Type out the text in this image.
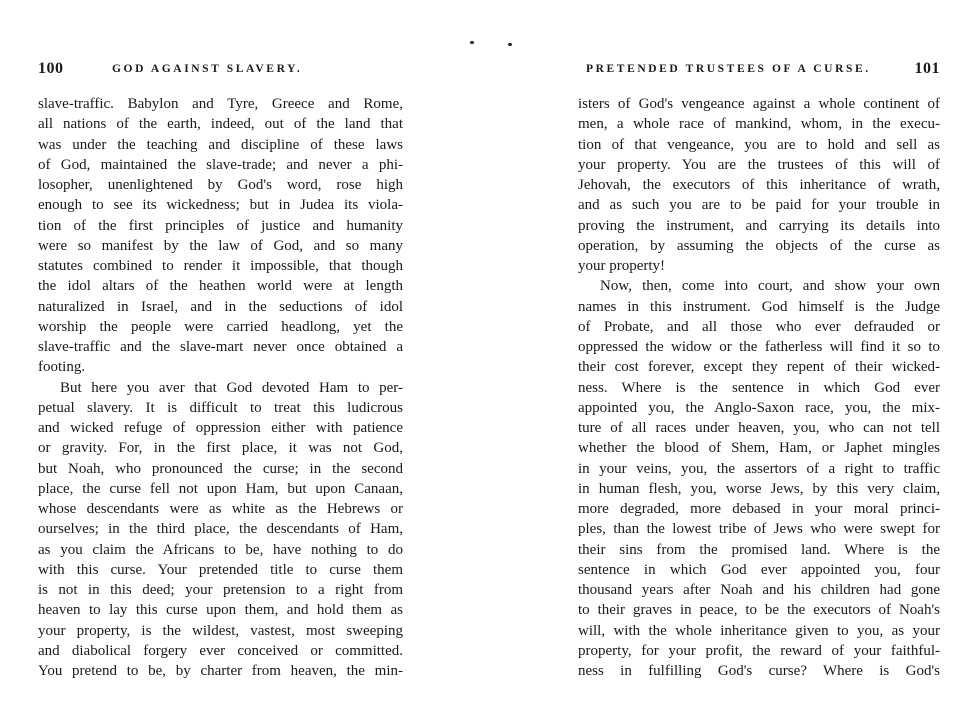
100	GOD AGAINST SLAVERY.
slave-traffic. Babylon and Tyre, Greece and Rome,
all nations of the earth, indeed, out of the land that
was under the teaching and discipline of these laws
of God, maintained the slave-trade; and never a phi-
losopher, unenlightened by God's word, rose high
enough to see its wickedness; but in Judea its viola-
tion of the first principles of justice and humanity
were so manifest by the law of God, and so many
statutes combined to render it impossible, that though
the idol altars of the heathen world were at length
naturalized in Israel, and in the seductions of idol
worship the people were carried headlong, yet the
slave-traffic and the slave-mart never once obtained a
footing.
But here you aver that God devoted Ham to per-
petual slavery. It is difficult to treat this ludicrous
and wicked refuge of oppression either with patience
or gravity. For, in the first place, it was not God,
but Noah, who pronounced the curse; in the second
place, the curse fell not upon Ham, but upon Canaan,
whose descendants were as white as the Hebrews or
ourselves; in the third place, the descendants of Ham,
as you claim the Africans to be, have nothing to do
with this curse. Your pretended title to curse them
is not in this deed; your pretension to a right from
heaven to lay this curse upon them, and hold them as
your property, is the wildest, vastest, most sweeping
and diabolical forgery ever conceived or committed.
You pretend to be, by charter from heaven, the min-
PRETENDED TRUSTEES OF A CURSE.	101
isters of God's vengeance against a whole continent of
men, a whole race of mankind, whom, in the execu-
tion of that vengeance, you are to hold and sell as
your property. You are the trustees of this will of
Jehovah, the executors of this inheritance of wrath,
and as such you are to be paid for your trouble in
proving the instrument, and carrying its details into
operation, by assuming the objects of the curse as
your property!
Now, then, come into court, and show your own
names in this instrument. God himself is the Judge
of Probate, and all those who ever defrauded or
oppressed the widow or the fatherless will find it so to
their cost forever, except they repent of their wicked-
ness. Where is the sentence in which God ever
appointed you, the Anglo-Saxon race, you, the mix-
ture of all races under heaven, you, who can not tell
whether the blood of Shem, Ham, or Japhet mingles
in your veins, you, the assertors of a right to traffic
in human flesh, you, worse Jews, by this very claim,
more degraded, more debased in your moral princi-
ples, than the lowest tribe of Jews who were swept for
their sins from the promised land. Where is the
sentence in which God ever appointed you, four
thousand years after Noah and his children had gone
to their graves in peace, to be the executors of Noah's
will, with the whole inheritance given to you, as your
property, for your profit, the reward of your faithful-
ness in fulfilling God's curse? Where is God's
